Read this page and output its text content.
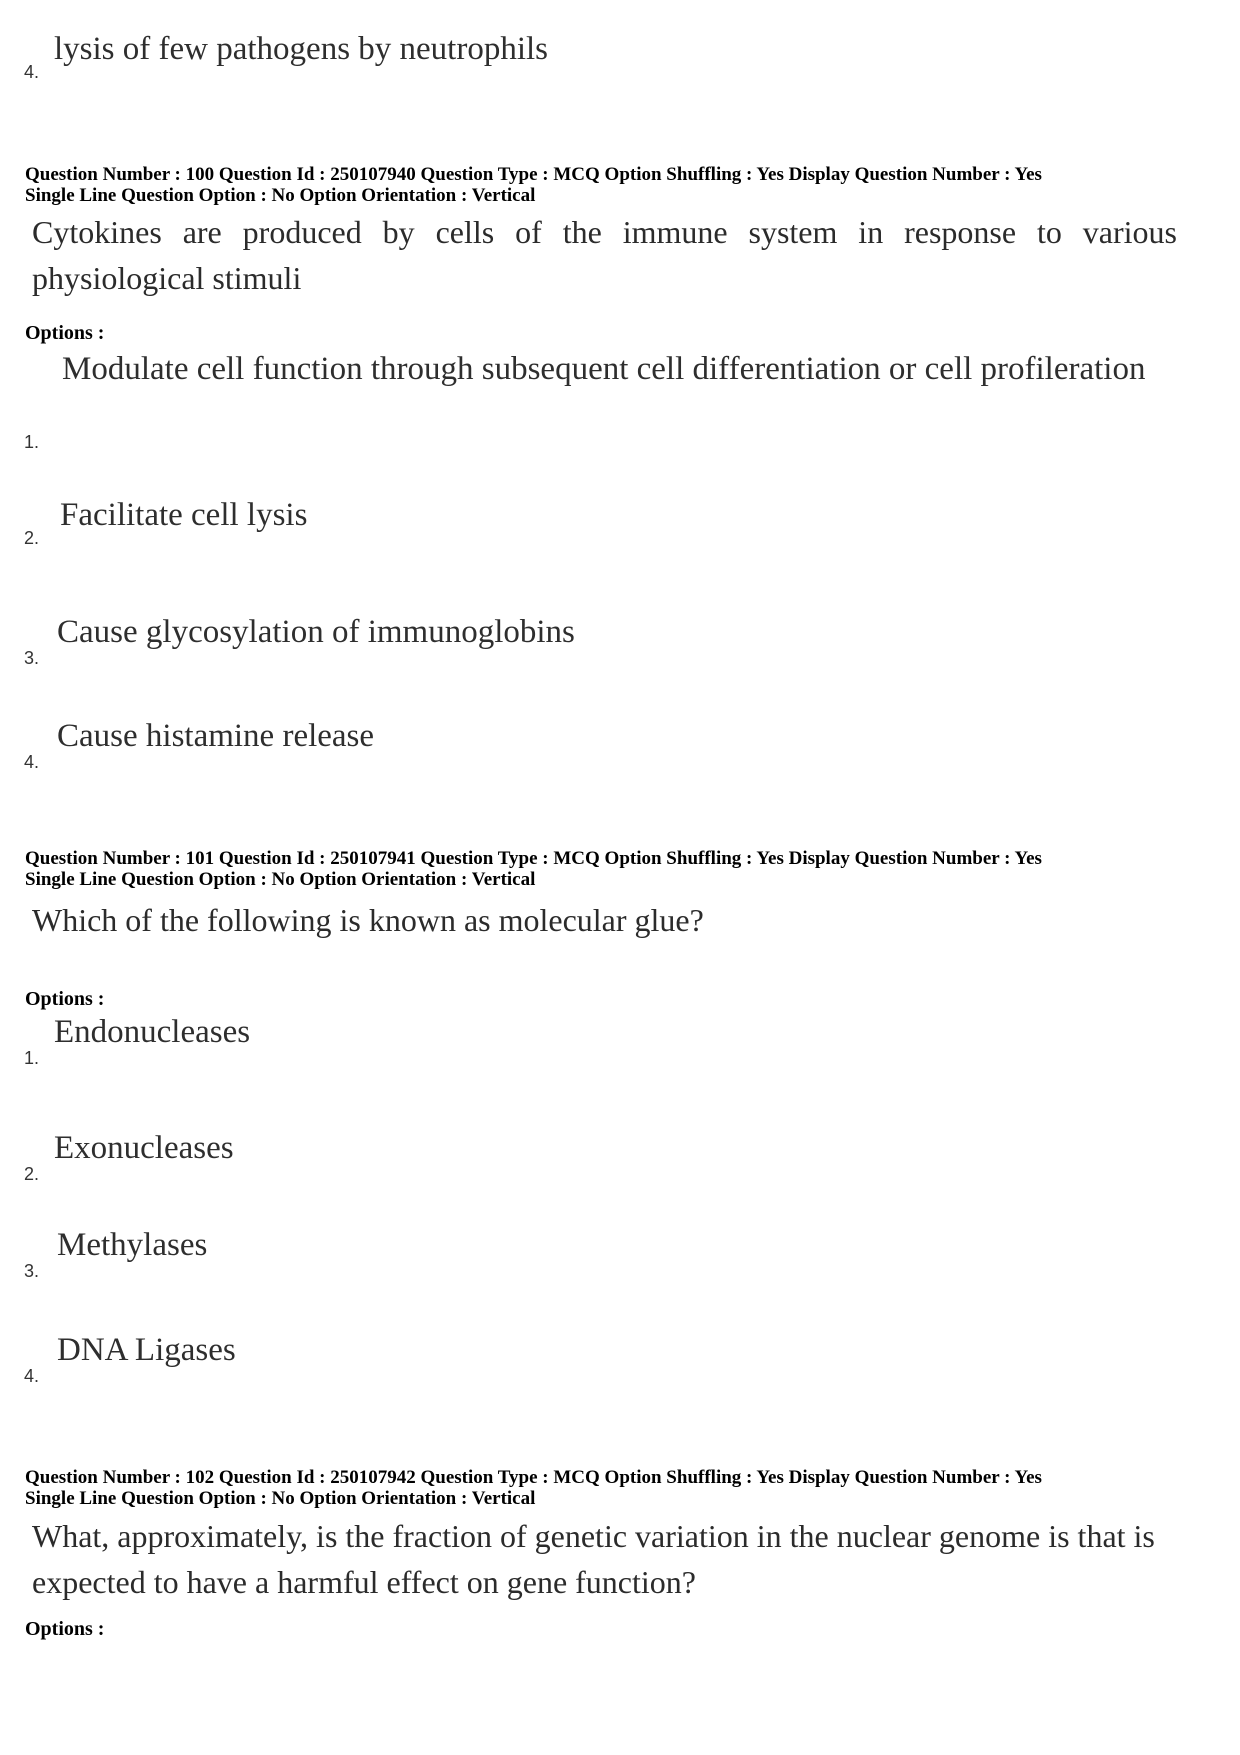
4.
lysis of few pathogens by neutrophils
Question Number : 100 Question Id : 250107940 Question Type : MCQ Option Shuffling : Yes Display Question Number : Yes
Single Line Question Option : No Option Orientation : Vertical
Cytokines are produced by cells of the immune system in response to various physiological stimuli
Options :
1.
Modulate cell function through subsequent cell differentiation or cell profileration
2.
Facilitate cell lysis
3.
Cause glycosylation of immunoglobins
4.
Cause histamine release
Question Number : 101 Question Id : 250107941 Question Type : MCQ Option Shuffling : Yes Display Question Number : Yes
Single Line Question Option : No Option Orientation : Vertical
Which of the following is known as molecular glue?
Options :
1.
Endonucleases
2.
Exonucleases
3.
Methylases
4.
DNA Ligases
Question Number : 102 Question Id : 250107942 Question Type : MCQ Option Shuffling : Yes Display Question Number : Yes
Single Line Question Option : No Option Orientation : Vertical
What, approximately, is the fraction of genetic variation in the nuclear genome is that is expected to have a harmful effect on gene function?
Options :
